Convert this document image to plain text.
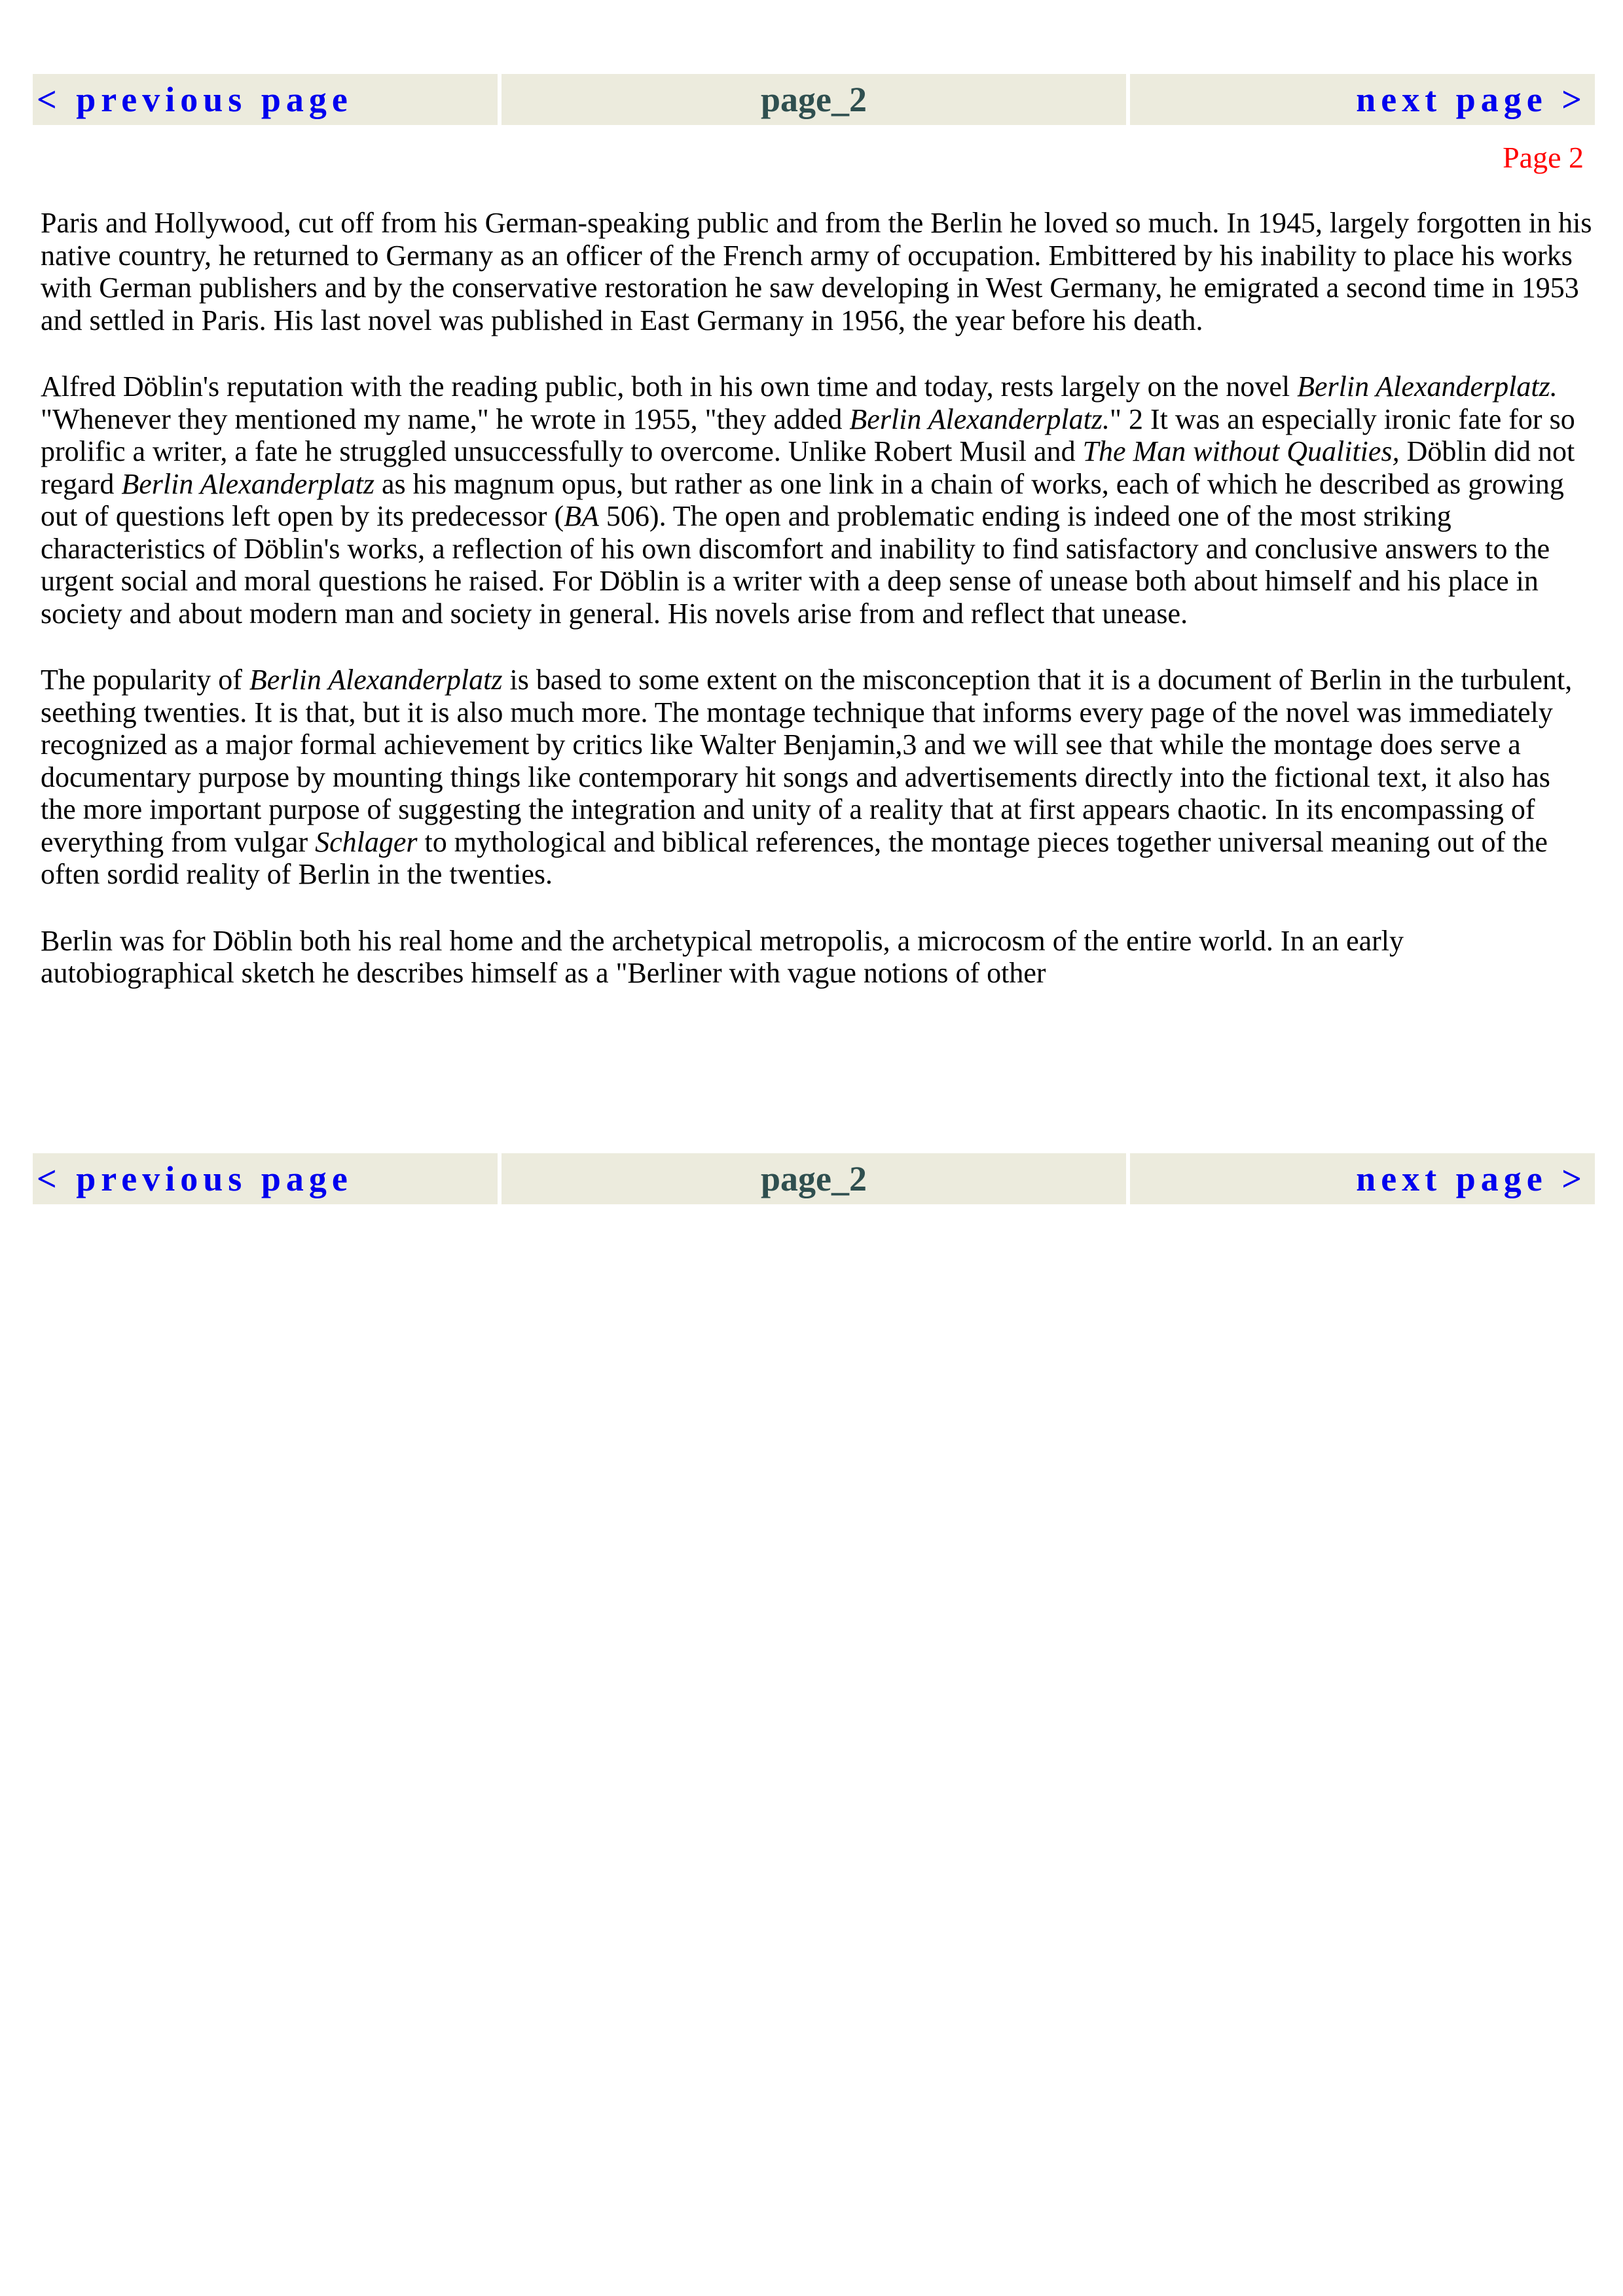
< previous page	page_2	next page >
Page 2

Paris and Hollywood, cut off from his German-speaking public and from the Berlin he loved so much. In 1945, largely forgotten in his native country, he returned to Germany as an officer of the French army of occupation. Embittered by his inability to place his works with German publishers and by the conservative restoration he saw developing in West Germany, he emigrated a second time in 1953 and settled in Paris. His last novel was published in East Germany in 1956, the year before his death.

Alfred Döblin's reputation with the reading public, both in his own time and today, rests largely on the novel Berlin Alexanderplatz. "Whenever they mentioned my name," he wrote in 1955, "they added Berlin Alexanderplatz." 2 It was an especially ironic fate for so prolific a writer, a fate he struggled unsuccessfully to overcome. Unlike Robert Musil and The Man without Qualities, Döblin did not regard Berlin Alexanderplatz as his magnum opus, but rather as one link in a chain of works, each of which he described as growing out of questions left open by its predecessor (BA 506). The open and problematic ending is indeed one of the most striking characteristics of Döblin's works, a reflection of his own discomfort and inability to find satisfactory and conclusive answers to the urgent social and moral questions he raised. For Döblin is a writer with a deep sense of unease both about himself and his place in society and about modern man and society in general. His novels arise from and reflect that unease.

The popularity of Berlin Alexanderplatz is based to some extent on the misconception that it is a document of Berlin in the turbulent, seething twenties. It is that, but it is also much more. The montage technique that informs every page of the novel was immediately recognized as a major formal achievement by critics like Walter Benjamin,3 and we will see that while the montage does serve a documentary purpose by mounting things like contemporary hit songs and advertisements directly into the fictional text, it also has the more important purpose of suggesting the integration and unity of a reality that at first appears chaotic. In its encompassing of everything from vulgar Schlager to mythological and biblical references, the montage pieces together universal meaning out of the often sordid reality of Berlin in the twenties.

Berlin was for Döblin both his real home and the archetypical metropolis, a microcosm of the entire world. In an early autobiographical sketch he describes himself as a "Berliner with vague notions of other

< previous page	page_2	next page >
